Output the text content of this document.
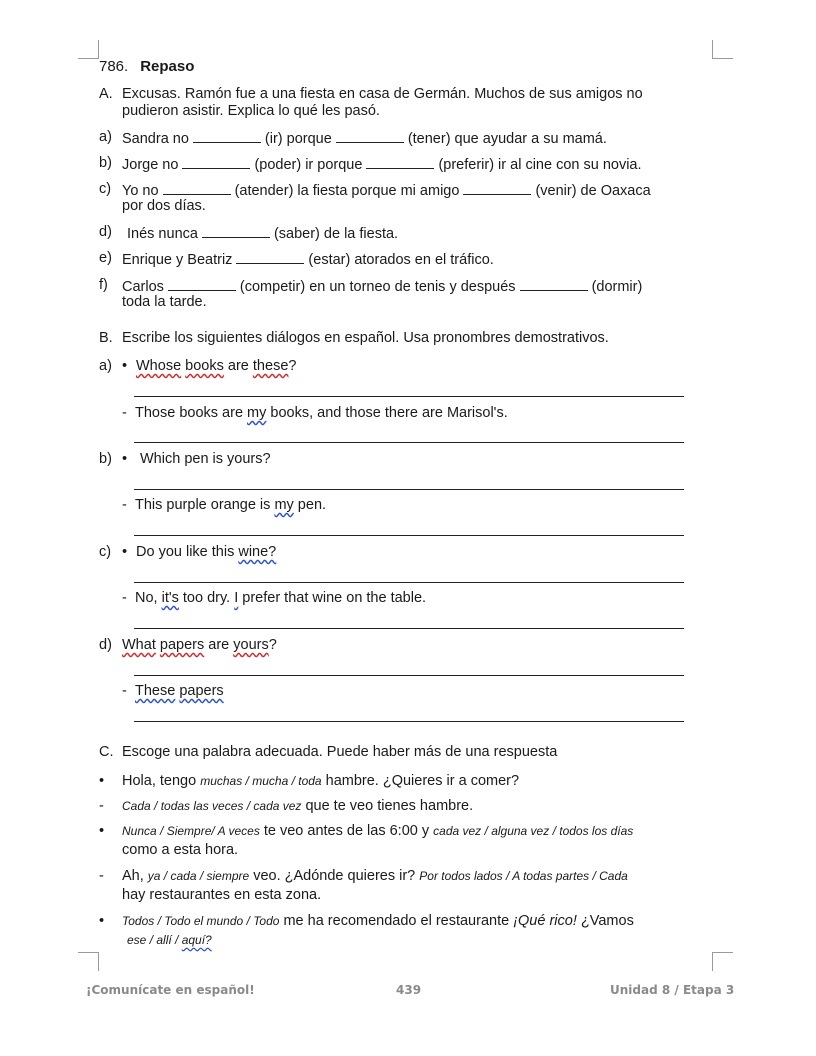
786. Repaso
A. Excusas. Ramón fue a una fiesta en casa de Germán. Muchos de sus amigos no
pudieron asistir. Explica lo qué les pasó.
a) Sandra no	(ir) porque	(tener) que ayudar a su mamá.
b) Jorge no	(poder) ir porque	(preferir) ir al cine con su novia.
c) Yo no	(atender) la fiesta porque mi amigo	(venir) de Oaxaca
por dos días.
d) Inés nunca	(saber) de la fiesta.
e) Enrique y Beatriz	(estar) atorados en el tráfico.
f) Carlos	(competir) en un torneo de tenis y después	(dormir)
toda la tarde.
B. Escribe los siguientes diálogos en español. Usa pronombres demostrativos.
a) • Whose books are these?
- Those books are my books, and those there are Marisol's.
b) • Which pen is yours?
- This purple orange is my pen.
c) • Do you like this wine?
- No, it's too dry. I prefer that wine on the table.
d) What papers are yours?
- These papers
C. Escoge una palabra adecuada. Puede haber más de una respuesta
• Hola, tengo muchas / mucha / toda hambre. ¿Quieres ir a comer?
- Cada / todas las veces / cada vez que te veo tienes hambre.
• Nunca / Siempre/ A veces te veo antes de las 6:00 y cada vez / alguna vez / todos los días
como a esta hora.
- Ah, ya / cada / siempre veo. ¿Adónde quieres ir? Por todos lados / A todas partes / Cada
hay restaurantes en esta zona.
• Todos / Todo el mundo / Todo me ha recomendado el restaurante ¡Qué rico! ¿Vamos
ese / allí / aquí?
¡Comunícate en español!	439	Unidad 8 / Etapa 3
